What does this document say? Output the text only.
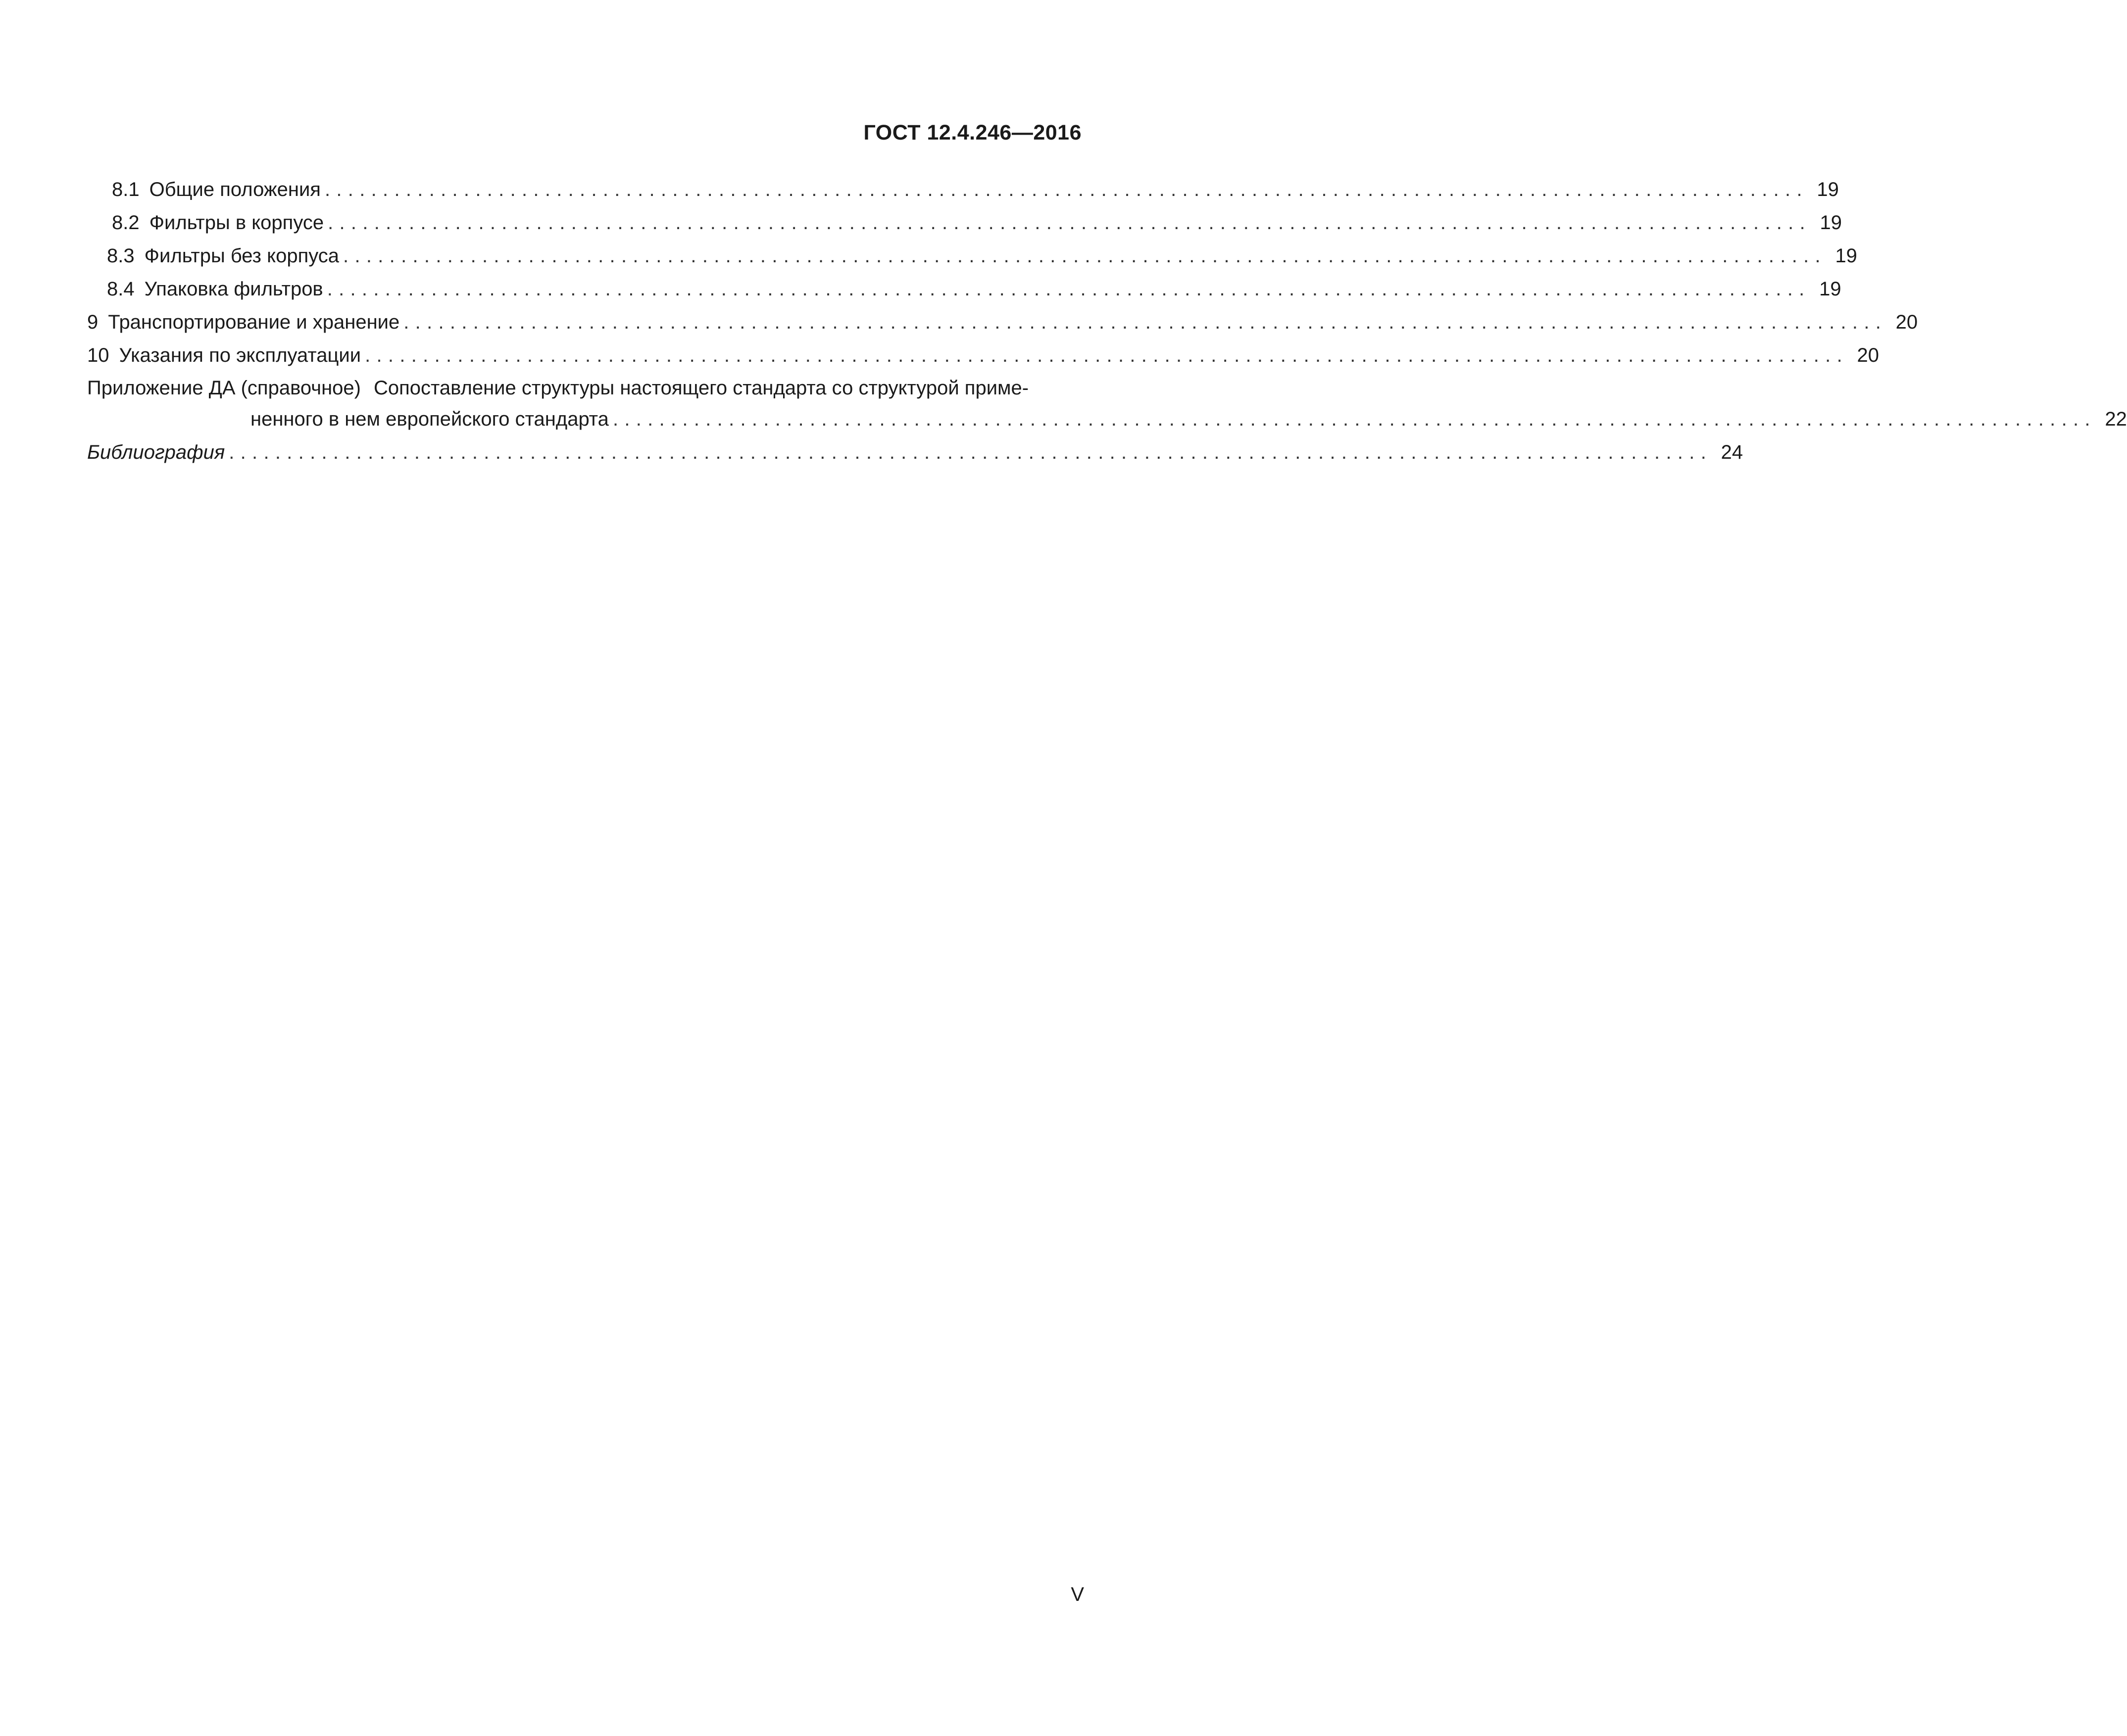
ГОСТ 12.4.246—2016
8.1 Общие положения ................................................................................................................................ 19
8.2 Фильтры в корпусе ................................................................................................................................ 19
8.3 Фильтры без корпуса ................................................................................................................................ 19
8.4 Упаковка фильтров ................................................................................................................................ 19
9 Транспортирование и хранение ................................................................................................................................ 20
10 Указания по эксплуатации ................................................................................................................................ 20
Приложение ДА (справочное) Сопоставление структуры настоящего стандарта со структурой приме-
ненного в нем европейского стандарта ................................................................................................................................ 22
Библиография ................................................................................................................................ 24
V
